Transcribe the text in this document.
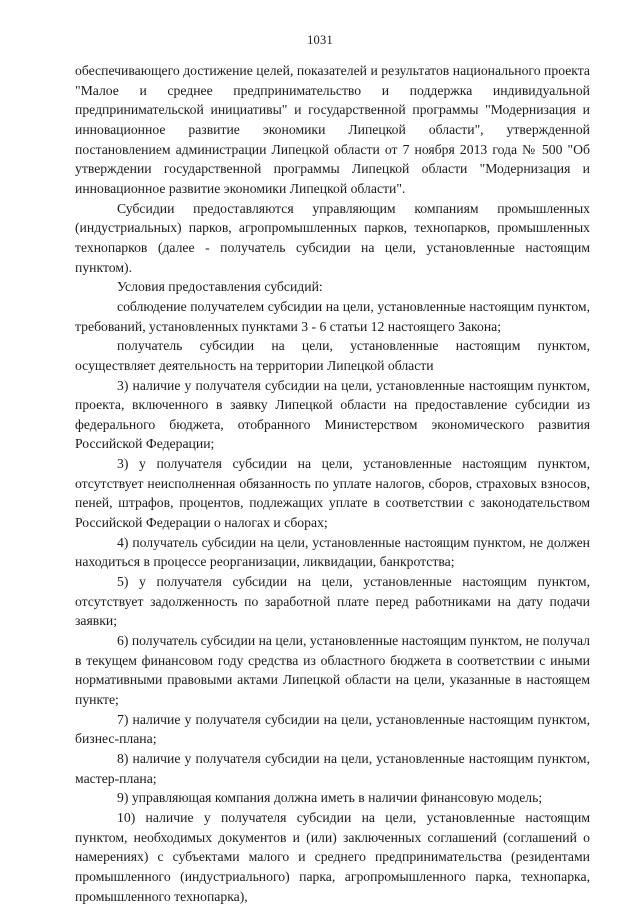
1031

обеспечивающего достижение целей, показателей и результатов национального проекта "Малое и среднее предпринимательство и поддержка индивидуальной предпринимательской инициативы" и государственной программы "Модернизация и инновационное развитие экономики Липецкой области", утвержденной постановлением администрации Липецкой области от 7 ноября 2013 года № 500 "Об утверждении государственной программы Липецкой области "Модернизация и инновационное развитие экономики Липецкой области".

Субсидии предоставляются управляющим компаниям промышленных (индустриальных) парков, агропромышленных парков, технопарков, промышленных технопарков (далее - получатель субсидии на цели, установленные настоящим пунктом).

Условия предоставления субсидий:

соблюдение получателем субсидии на цели, установленные настоящим пунктом, требований, установленных пунктами 3 - 6 статьи 12 настоящего Закона;

получатель субсидии на цели, установленные настоящим пунктом, осуществляет деятельность на территории Липецкой области

3) наличие у получателя субсидии на цели, установленные настоящим пунктом, проекта, включенного в заявку Липецкой области на предоставление субсидии из федерального бюджета, отобранного Министерством экономического развития Российской Федерации;

3) у получателя субсидии на цели, установленные настоящим пунктом, отсутствует неисполненная обязанность по уплате налогов, сборов, страховых взносов, пеней, штрафов, процентов, подлежащих уплате в соответствии с законодательством Российской Федерации о налогах и сборах;

4) получатель субсидии на цели, установленные настоящим пунктом, не должен находиться в процессе реорганизации, ликвидации, банкротства;

5) у получателя субсидии на цели, установленные настоящим пунктом, отсутствует задолженность по заработной плате перед работниками на дату подачи заявки;

6) получатель субсидии на цели, установленные настоящим пунктом, не получал в текущем финансовом году средства из областного бюджета в соответствии с иными нормативными правовыми актами Липецкой области на цели, указанные в настоящем пункте;

7) наличие у получателя субсидии на цели, установленные настоящим пунктом, бизнес-плана;

8) наличие у получателя субсидии на цели, установленные настоящим пунктом, мастер-плана;

9) управляющая компания должна иметь в наличии финансовую модель;

10) наличие у получателя субсидии на цели, установленные настоящим пунктом, необходимых документов и (или) заключенных соглашений (соглашений о намерениях) с субъектами малого и среднего предпринимательства (резидентами промышленного (индустриального) парка, агропромышленного парка, технопарка, промышленного технопарка),
